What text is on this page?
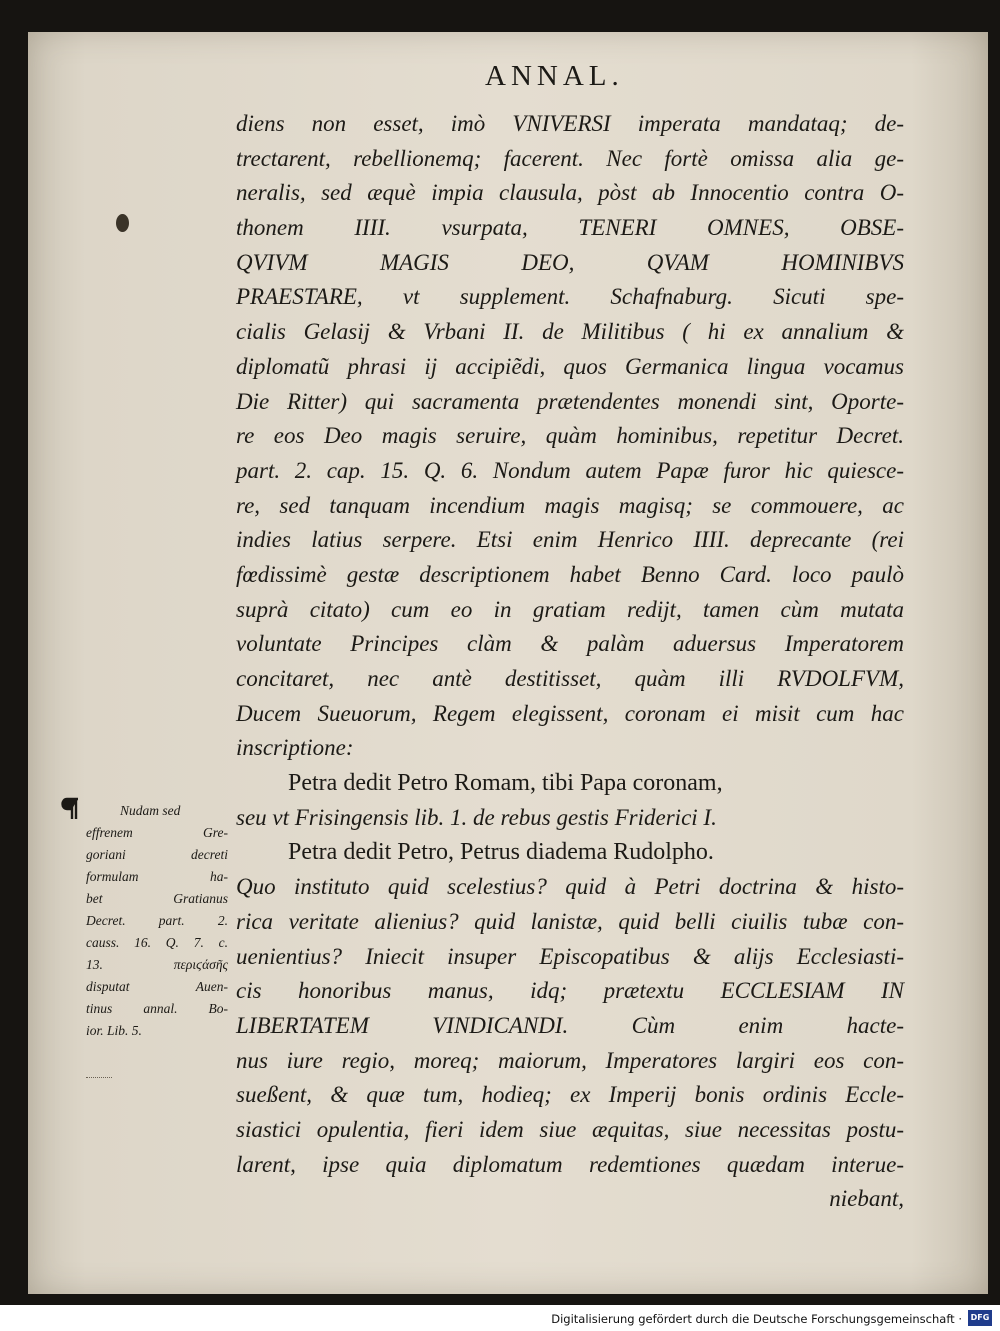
ANNAL.
diens non esset, imò VNIVERSI imperata mandataq; de-
trectarent, rebellionemq; facerent. Nec fortè omissa alia ge-
neralis, sed æquè impia clausula, pòst ab Innocentio contra O-
thonem IIII. vsurpata, TENERI OMNES, OBSE-
QVIVM MAGIS DEO, QVAM HOMINIBVS
PRAESTARE, vt supplement. Schafnaburg. Sicuti spe-
cialis Gelasij & Vrbani II. de Militibus ( hi ex annalium &
diplomatũ phrasi ij accipiẽdi, quos Germanica lingua vocamus
Die Ritter) qui sacramenta prætendentes monendi sint, Oporte-
re eos Deo magis seruire, quàm hominibus, repetitur Decret.
part. 2. cap. 15. Q. 6. Nondum autem Papæ furor hic quiesce-
re, sed tanquam incendium magis magisq; se commouere, ac
indies latius serpere. Etsi enim Henrico IIII. deprecante (rei
fœdissimè gestæ descriptionem habet Benno Card. loco paulò
suprà citato) cum eo in gratiam redijt, tamen cùm mutata
voluntate Principes clàm & palàm aduersus Imperatorem
concitaret, nec antè destitisset, quàm illi RVDOLFVM,
Ducem Sueuorum, Regem elegissent, coronam ei misit cum hac
inscriptione:
Petra dedit Petro Romam, tibi Papa coronam,
seu vt Frisingensis lib. 1. de rebus gestis Friderici I.
Petra dedit Petro, Petrus diadema Rudolpho.
Quo instituto quid scelestius? quid à Petri doctrina & histo-
rica veritate alienius? quid lanistæ, quid belli ciuilis tubæ con-
uenientius? Iniecit insuper Episcopatibus & alijs Ecclesiasti-
cis honoribus manus, idq; prætextu ECCLESIAM IN
LIBERTATEM VINDICANDI. Cùm enim hacte-
nus iure regio, moreq; maiorum, Imperatores largiri eos con-
sueßent, & quæ tum, hodieq; ex Imperij bonis ordinis Eccle-
siastici opulentia, fieri idem siue æquitas, siue necessitas postu-
larent, ipse quia diplomatum redemtiones quædam interue-
niebant,
Nudam sed
effrenem Gre-
goriani decreti
formulam ha-
bet Gratianus
Decret. part. 2.
causs. 16. Q. 7. c.
13. περιϛάσῆς
disputat Auen-
tinus annal. Bo-
ior. Lib. 5.
Digitalisierung gefördert durch die Deutsche Forschungsgemeinschaft ·	DFG
